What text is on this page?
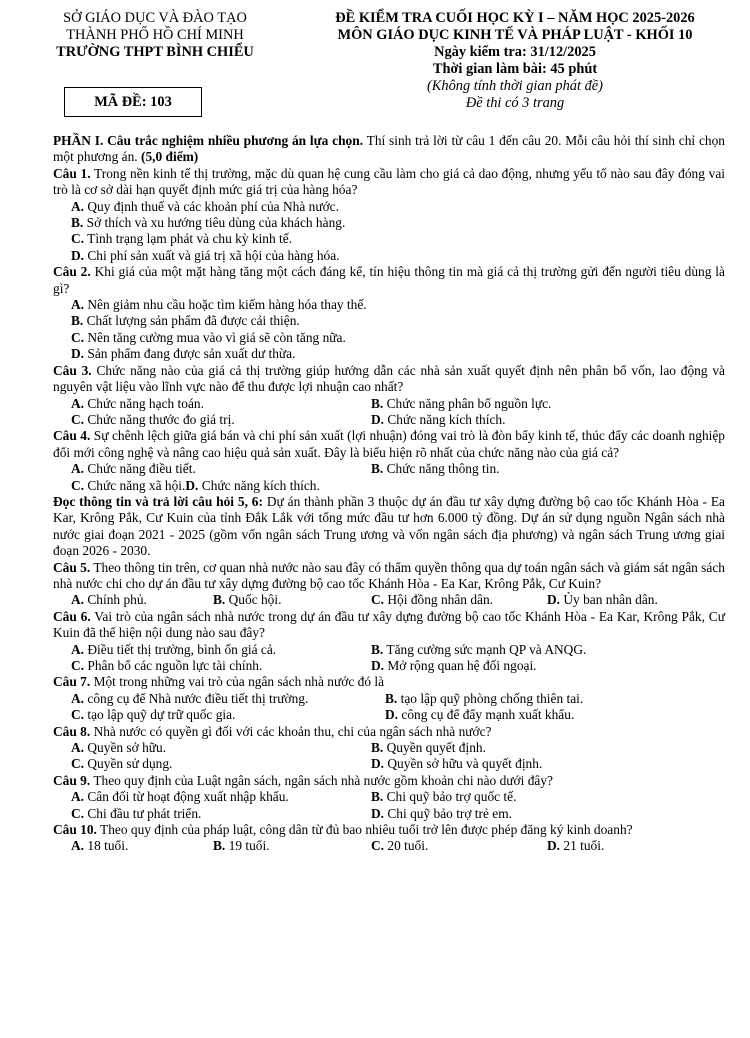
SỞ GIÁO DỤC VÀ ĐÀO TẠO
THÀNH PHỐ HỒ CHÍ MINH
TRƯỜNG THPT BÌNH CHIỂU
MÃ ĐỀ: 103
ĐỀ KIỂM TRA CUỐI HỌC KỲ I – NĂM HỌC 2025-2026
MÔN GIÁO DỤC KINH TẾ VÀ PHÁP LUẬT - KHỐI 10
Ngày kiểm tra: 31/12/2025
Thời gian làm bài: 45 phút
(Không tính thời gian phát đề)
Đề thi có 3 trang

PHẦN I. Câu trắc nghiệm nhiều phương án lựa chọn. Thí sinh trả lời từ câu 1 đến câu 20. Mỗi câu hỏi thí sinh chỉ chọn một phương án. (5,0 điểm)

Câu 1. Trong nền kinh tế thị trường, mặc dù quan hệ cung cầu làm cho giá cả dao động, nhưng yếu tố nào sau đây đóng vai trò là cơ sở dài hạn quyết định mức giá trị của hàng hóa?

A. Quy định thuế và các khoản phí của Nhà nước.
B. Sở thích và xu hướng tiêu dùng của khách hàng.
C. Tình trạng lạm phát và chu kỳ kinh tế.
D. Chi phí sản xuất và giá trị xã hội của hàng hóa.

Câu 2. Khi giá của một mặt hàng tăng một cách đáng kể, tín hiệu thông tin mà giá cả thị trường gửi đến người tiêu dùng là gì?

A. Nên giảm nhu cầu hoặc tìm kiếm hàng hóa thay thế.
B. Chất lượng sản phẩm đã được cải thiện.
C. Nên tăng cường mua vào vì giá sẽ còn tăng nữa.
D. Sản phẩm đang được sản xuất dư thừa.

Câu 3. Chức năng nào của giá cả thị trường giúp hướng dẫn các nhà sản xuất quyết định nên phân bổ vốn, lao động và nguyên vật liệu vào lĩnh vực nào để thu được lợi nhuận cao nhất?

A. Chức năng hạch toán.	B. Chức năng phân bổ nguồn lực.
C. Chức năng thước đo giá trị.	D. Chức năng kích thích.

Câu 4. Sự chênh lệch giữa giá bán và chi phí sản xuất (lợi nhuận) đóng vai trò là đòn bẩy kinh tế, thúc đẩy các doanh nghiệp đổi mới công nghệ và nâng cao hiệu quả sản xuất. Đây là biểu hiện rõ nhất của chức năng nào của giá cả?

A. Chức năng điều tiết.	B. Chức năng thông tin.
C. Chức năng xã hội. D. Chức năng kích thích.

Đọc thông tin và trả lời câu hỏi 5, 6: Dự án thành phần 3 thuộc dự án đầu tư xây dựng đường bộ cao tốc Khánh Hòa - Ea Kar, Krông Pắk, Cư Kuin của tỉnh Đắk Lắk với tổng mức đầu tư hơn 6.000 tỷ đồng. Dự án sử dụng nguồn Ngân sách nhà nước giai đoạn 2021 - 2025 (gồm vốn ngân sách Trung ương và vốn ngân sách địa phương) và ngân sách Trung ương giai đoạn 2026 - 2030.

Câu 5. Theo thông tin trên, cơ quan nhà nước nào sau đây có thẩm quyền thông qua dự toán ngân sách và giám sát ngân sách nhà nước chi cho dự án đầu tư xây dựng đường bộ cao tốc Khánh Hòa - Ea Kar, Krông Pắk, Cư Kuin?

A. Chính phủ.	B. Quốc hội.	C. Hội đồng nhân dân.	D. Ủy ban nhân dân.

Câu 6. Vai trò của ngân sách nhà nước trong dự án đầu tư xây dựng đường bộ cao tốc Khánh Hòa - Ea Kar, Krông Pắk, Cư Kuin đã thể hiện nội dung nào sau đây?

A. Điều tiết thị trường, bình ổn giá cả.	B. Tăng cường sức mạnh QP và ANQG.
C. Phân bổ các nguồn lực tài chính.	D. Mở rộng quan hệ đối ngoại.

Câu 7. Một trong những vai trò của ngân sách nhà nước đó là

A. công cụ để Nhà nước điều tiết thị trường.	B. tạo lập quỹ phòng chống thiên tai.
C. tạo lập quỹ dự trữ quốc gia.	D. công cụ để đẩy mạnh xuất khẩu.

Câu 8. Nhà nước có quyền gì đối với các khoản thu, chi của ngân sách nhà nước?

A. Quyền sở hữu.	B. Quyền quyết định.
C. Quyền sử dụng.	D. Quyền sở hữu và quyết định.

Câu 9. Theo quy định của Luật ngân sách, ngân sách nhà nước gồm khoản chi nào dưới đây?

A. Cân đối từ hoạt động xuất nhập khẩu.	B. Chi quỹ bảo trợ quốc tế.
C. Chi đầu tư phát triển.	D. Chi quỹ bảo trợ trẻ em.

Câu 10. Theo quy định của pháp luật, công dân từ đủ bao nhiêu tuổi trở lên được phép đăng ký kinh doanh?

A. 18 tuổi.	B. 19 tuổi.	C. 20 tuổi.	D. 21 tuổi.
